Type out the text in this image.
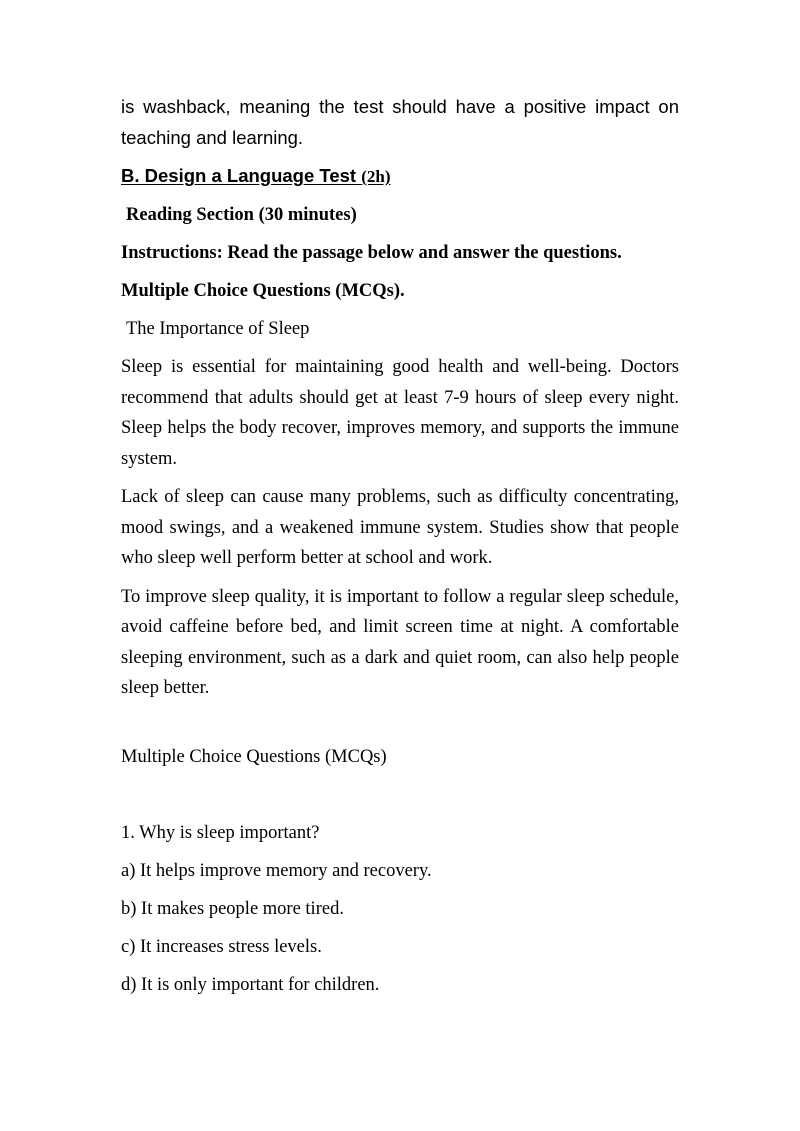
is washback, meaning the test should have a positive impact on teaching and learning.

B. Design a Language Test (2h)

Reading Section (30 minutes)

Instructions: Read the passage below and answer the questions.

Multiple Choice Questions (MCQs).

The Importance of Sleep

Sleep is essential for maintaining good health and well-being. Doctors recommend that adults should get at least 7-9 hours of sleep every night. Sleep helps the body recover, improves memory, and supports the immune system.

Lack of sleep can cause many problems, such as difficulty concentrating, mood swings, and a weakened immune system. Studies show that people who sleep well perform better at school and work.

To improve sleep quality, it is important to follow a regular sleep schedule, avoid caffeine before bed, and limit screen time at night. A comfortable sleeping environment, such as a dark and quiet room, can also help people sleep better.

Multiple Choice Questions (MCQs)

1. Why is sleep important?

a) It helps improve memory and recovery.

b) It makes people more tired.

c) It increases stress levels.

d) It is only important for children.
